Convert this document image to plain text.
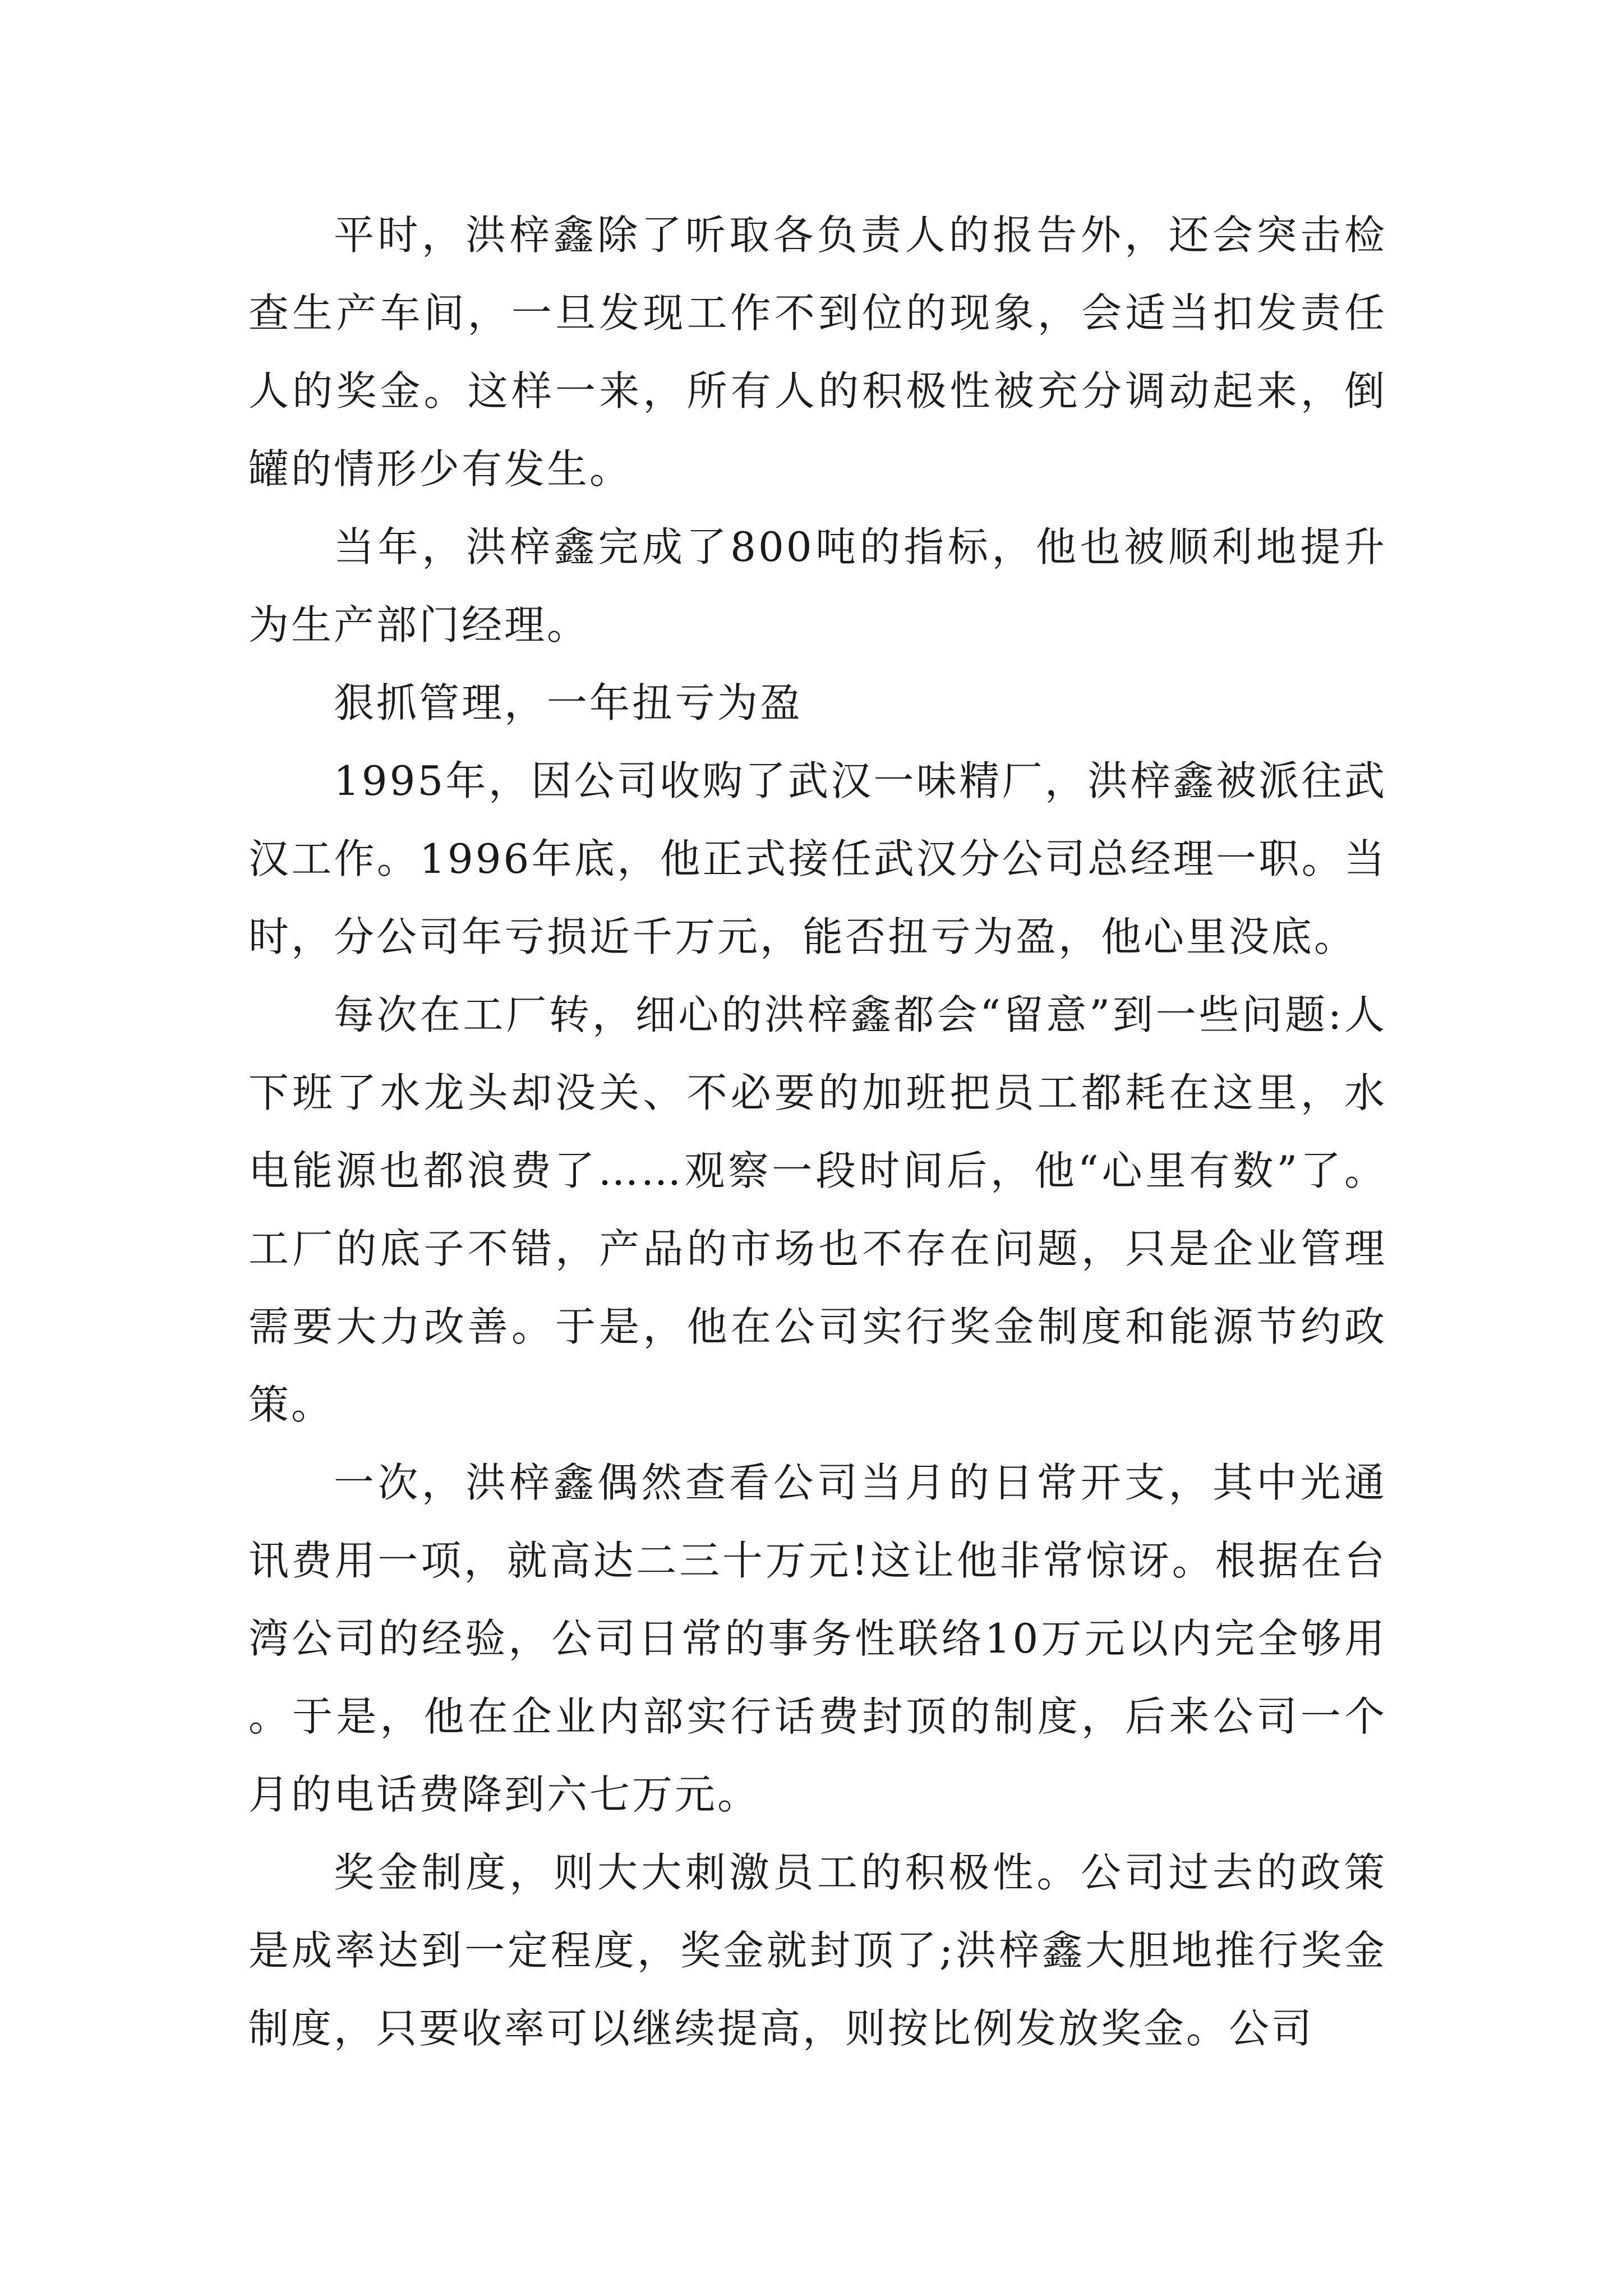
平时，洪梓鑫除了听取各负责人的报告外，还会突击检查生产车间，一旦发现工作不到位的现象，会适当扣发责任人的奖金。这样一来，所有人的积极性被充分调动起来，倒罐的情形少有发生。

当年，洪梓鑫完成了800吨的指标，他也被顺利地提升为生产部门经理。

狠抓管理，一年扭亏为盈

1995年，因公司收购了武汉一味精厂，洪梓鑫被派往武汉工作。1996年底，他正式接任武汉分公司总经理一职。当时，分公司年亏损近千万元，能否扭亏为盈，他心里没底。

每次在工厂转，细心的洪梓鑫都会“留意”到一些问题:人下班了水龙头却没关、不必要的加班把员工都耗在这里，水电能源也都浪费了……观察一段时间后，他“心里有数”了。工厂的底子不错，产品的市场也不存在问题，只是企业管理需要大力改善。于是，他在公司实行奖金制度和能源节约政策。

一次，洪梓鑫偶然查看公司当月的日常开支，其中光通讯费用一项，就高达二三十万元!这让他非常惊讶。根据在台湾公司的经验，公司日常的事务性联络10万元以内完全够用。于是，他在企业内部实行话费封顶的制度，后来公司一个月的电话费降到六七万元。

奖金制度，则大大刺激员工的积极性。公司过去的政策是成率达到一定程度，奖金就封顶了;洪梓鑫大胆地推行奖金制度，只要收率可以继续提高，则按比例发放奖金。公司
